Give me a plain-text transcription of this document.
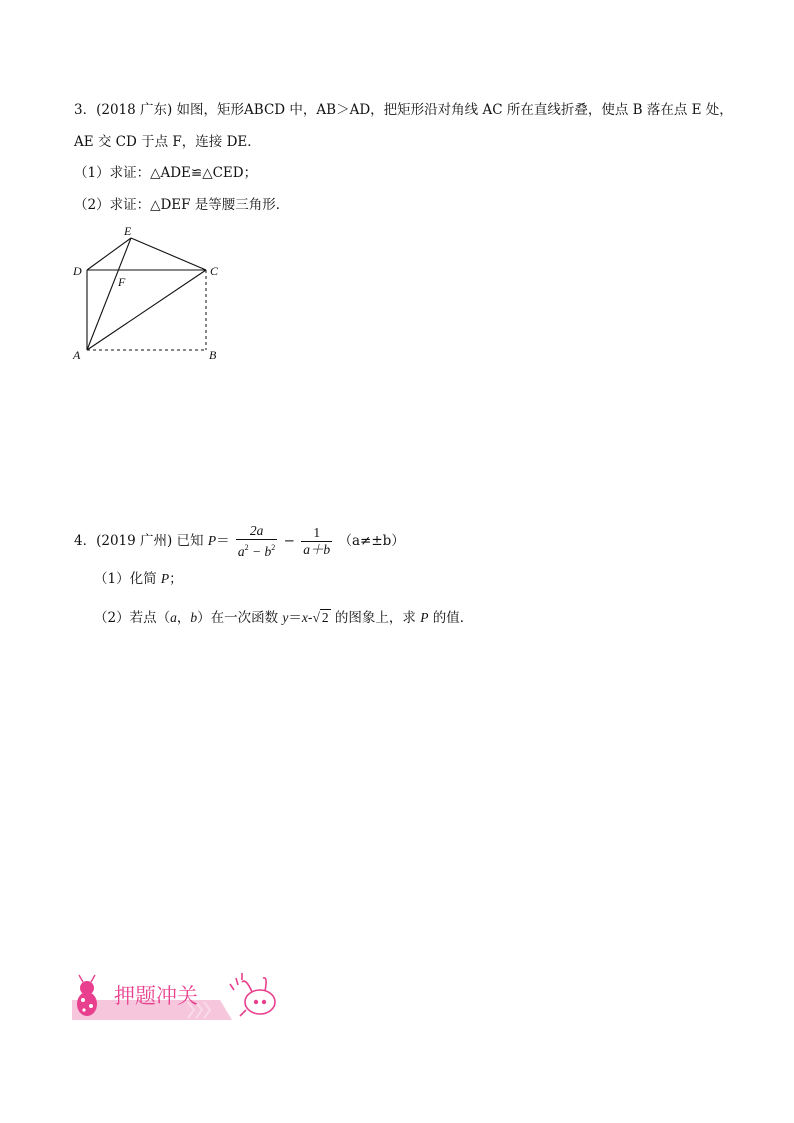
3．(2018 广东) 如图，矩形ABCD 中，AB＞AD，把矩形沿对角线 AC 所在直线折叠，使点 B 落在点 E 处，
AE 交 CD 于点 F，连接 DE．
（1）求证：△ADE≌△CED；
（2）求证：△DEF 是等腰三角形．
E
D	C
F
A	B
4．(2019 广州) 已知 $P= \frac{2a}{a^2 - b^2} - \frac{1}{a+b} (a\ne\pm b)$
（1）化简 P；
（2）若点（a，b）在一次函数 y＝x-√ 2 的图象上，求 P 的值．
押题冲关
